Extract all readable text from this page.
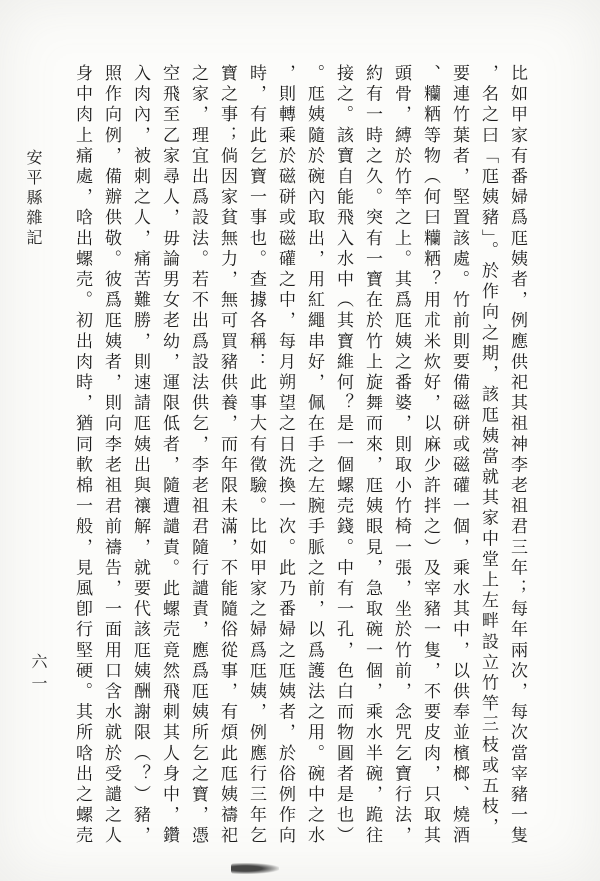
安平縣雜記	比如甲家有番婦爲尫姨者，例應供祀其祖神李老祖君三年；每年兩次，每次當宰豬一隻
，名之曰「尫姨豬」。於作向之期，該尫姨當就其家中堂上左畔設立竹竿三枝或五枝，
要連竹葉者，堅置該處。竹前則要備磁硑或磁礶一個，乘水其中，以供奉並檳榔、燒酒
、糷粞等物（何曰糷粞？用朮米炊好，以麻少許拌之）及宰豬一隻，不要皮肉，只取其
頭骨，縛於竹竿之上。其爲尫姨之番婆，則取小竹椅一張，坐於竹前，念咒乞寶行法，
約有一時之久。突有一寶在於竹上旋舞而來，尫姨眼見，急取碗一個，乘水半碗，跪往
接之。該寶自能飛入水中（其寶維何？是一個螺売錢。中有一孔，色白而物圓者是也）
。尫姨隨於碗內取出，用紅繩串好，佩在手之左腕手脈之前，以爲護法之用。碗中之水
，則轉乘於磁硑或磁礶之中，每月朔望之日洗換一次。此乃番婦之尫姨者，於俗例作向
時，有此乞寶一事也。查據各稱：此事大有徵驗。比如甲家之婦爲尫姨，例應行三年乞
寶之事；倘因家貧無力，無可買豬供養，而年限未滿，不能隨俗從事，有煩此尫姨禱祀
之家，理宜出爲設法。若不出爲設法供乞，李老祖君隨行譴責，應爲尫姨所乞之寶，憑
空飛至乙家尋人，毋論男女老幼，運限低者，隨遭譴責。此螺売竟然飛刺其人身中，鑽
入肉內，被刺之人，痛苦難勝，則速請尫姨出與禳解，就要代該尫姨酬謝限（？）豬，
照作向例，備辦供敬。彼爲尫姨者，則向李老祖君前禱告，一面用口含水就於受譴之人
身中肉上痛處，唅出螺売。初出肉時，猶同軟棉一般，見風卽行堅硬。其所唅出之螺売
六一
